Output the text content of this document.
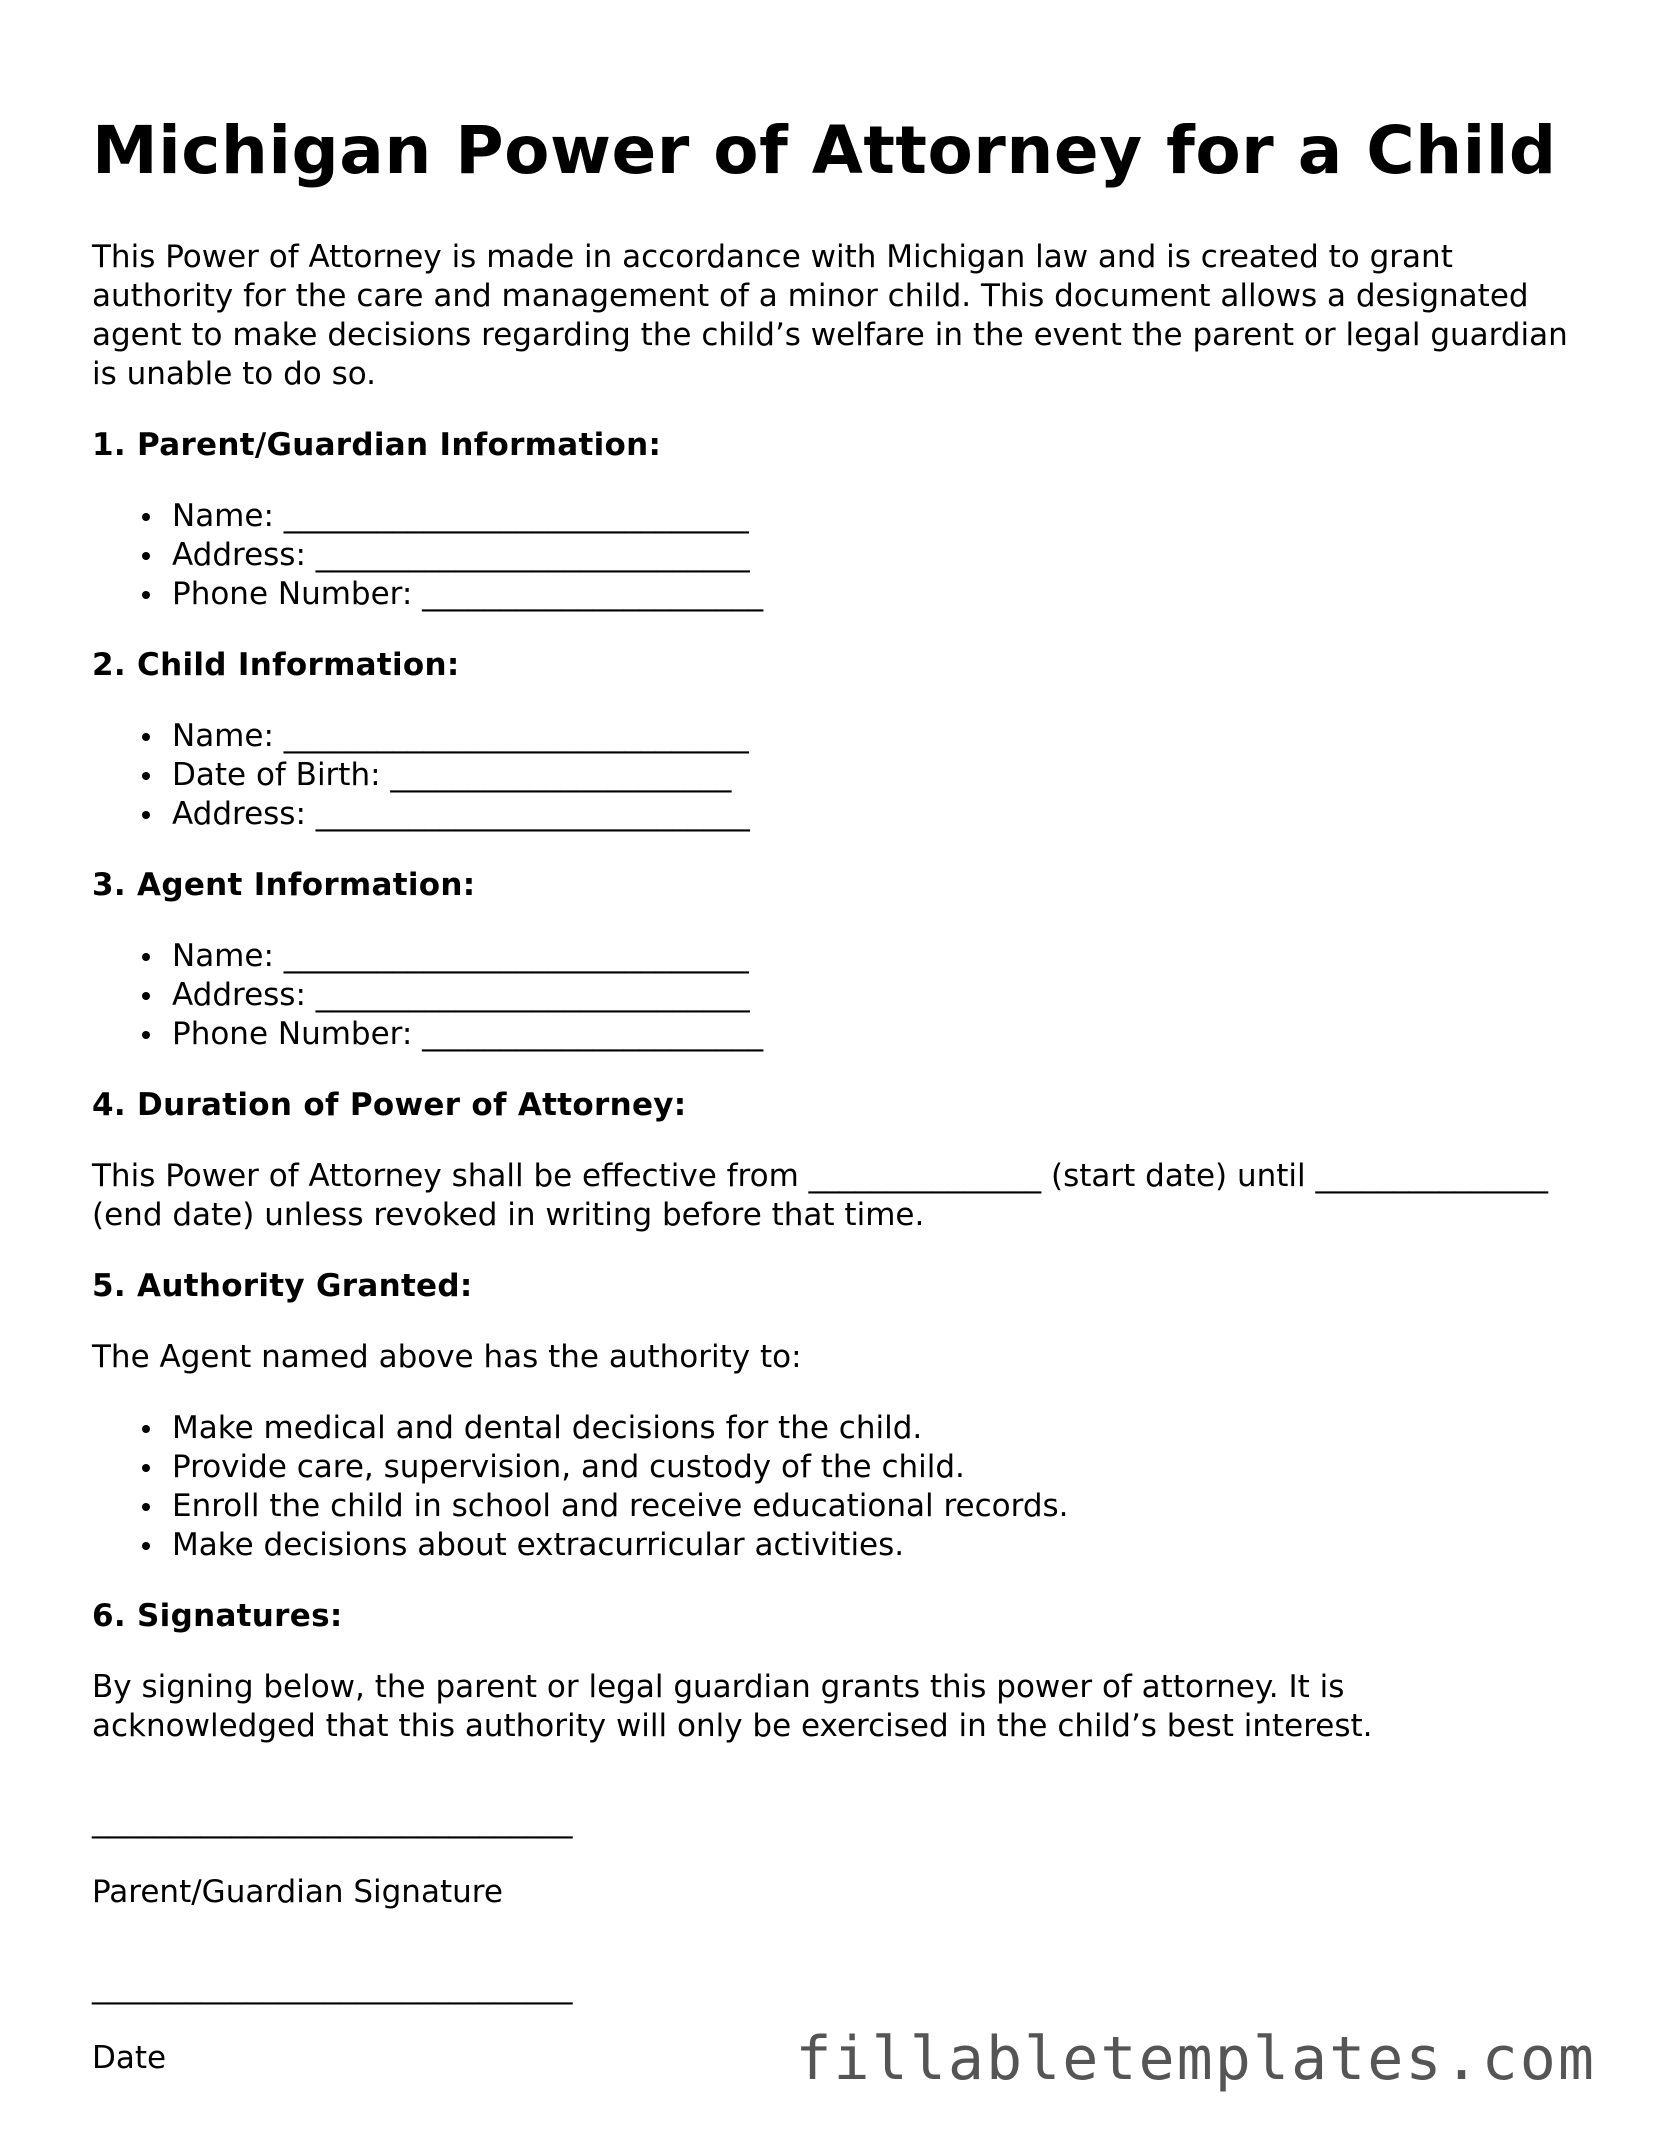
Michigan Power of Attorney for a Child

This Power of Attorney is made in accordance with Michigan law and is created to grant authority for the care and management of a minor child. This document allows a designated agent to make decisions regarding the child’s welfare in the event the parent or legal guardian is unable to do so.

1. Parent/Guardian Information:
Name: ______________________________
Address: ____________________________
Phone Number: ______________________
2. Child Information:
Name: ______________________________
Date of Birth: ______________________
Address: ____________________________
3. Agent Information:
Name: ______________________________
Address: ____________________________
Phone Number: ______________________
4. Duration of Power of Attorney:

This Power of Attorney shall be effective from _______________ (start date) until _______________ (end date) unless revoked in writing before that time.

5. Authority Granted:

The Agent named above has the authority to:

Make medical and dental decisions for the child.
Provide care, supervision, and custody of the child.
Enroll the child in school and receive educational records.
Make decisions about extracurricular activities.
6. Signatures:

By signing below, the parent or legal guardian grants this power of attorney. It is acknowledged that this authority will only be exercised in the child’s best interest.

_______________________________

Parent/Guardian Signature

_______________________________

Date	fillabletemplates.com
